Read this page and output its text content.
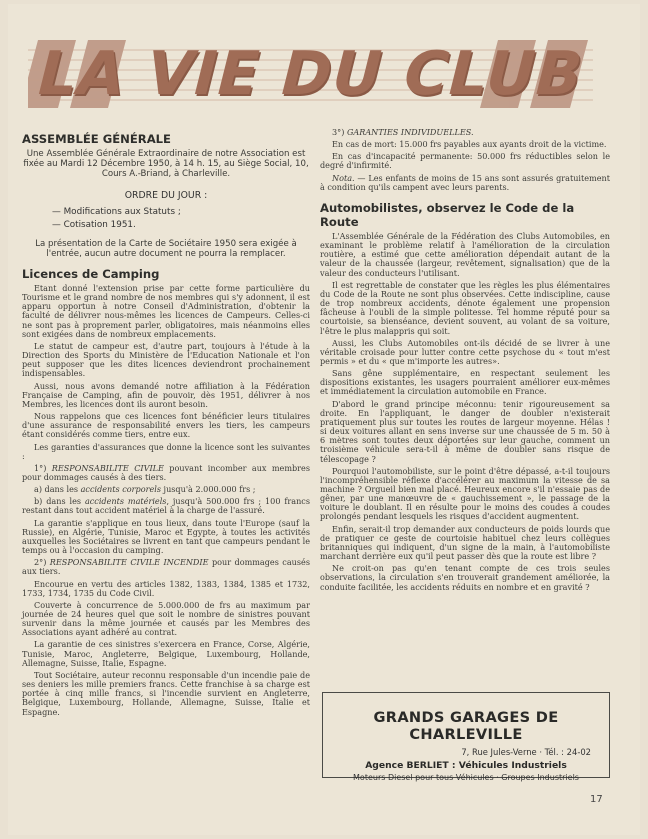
LA VIE DU CLUB
ASSEMBLÉE GÉNÉRALE
Une Assemblée Générale Extraordinaire de notre Association est fixée au Mardi 12 Décembre 1950, à 14 h. 15, au Siège Social, 10, Cours A.-Briand, à Charleville.
ORDRE DU JOUR :
— Modifications aux Statuts ;
— Cotisation 1951.
La présentation de la Carte de Sociétaire 1950 sera exigée à l'entrée, aucun autre document ne pourra la remplacer.
Licences de Camping

Etant donné l'extension prise par cette forme particulière du Tourisme et le grand nombre de nos membres qui s'y adonnent, il est apparu opportun à notre Conseil d'Administration, d'obtenir la faculté de délivrer nous-mêmes les licences de Campeurs. Celles-ci ne sont pas à proprement parler, obligatoires, mais néanmoins elles sont exigées dans de nombreux emplacements.

Le statut de campeur est, d'autre part, toujours à l'étude à la Direction des Sports du Ministère de l'Education Nationale et l'on peut supposer que les dites licences deviendront prochainement indispensables.

Aussi, nous avons demandé notre affiliation à la Fédération Française de Camping, afin de pouvoir, dès 1951, délivrer à nos Membres, les licences dont ils auront besoin.

Nous rappelons que ces licences font bénéficier leurs titulaires d'une assurance de responsabilité envers les tiers, les campeurs étant considérés comme tiers, entre eux.

Les garanties d'assurances que donne la licence sont les suivantes :

1°) RESPONSABILITE CIVILE pouvant incomber aux membres pour dommages causés à des tiers.

a) dans les accidents corporels jusqu'à 2.000.000 frs ;

b) dans les accidents matériels, jusqu'à 500.000 frs ; 100 francs restant dans tout accident matériel à la charge de l'assuré.

La garantie s'applique en tous lieux, dans toute l'Europe (sauf la Russie), en Algérie, Tunisie, Maroc et Egypte, à toutes les activités auxquelles les Sociétaires se livrent en tant que campeurs pendant le temps ou à l'occasion du camping.

2°) RESPONSABILITE CIVILE INCENDIE pour dommages causés aux tiers.

Encourue en vertu des articles 1382, 1383, 1384, 1385 et 1732, 1733, 1734, 1735 du Code Civil.

Couverte à concurrence de 5.000.000 de frs au maximum par journée de 24 heures quel que soit le nombre de sinistres pouvant survenir dans la même journée et causés par les Membres des Associations ayant adhéré au contrat.

La garantie de ces sinistres s'exercera en France, Corse, Algérie, Tunisie, Maroc, Angleterre, Belgique, Luxembourg, Hollande, Allemagne, Suisse, Italie, Espagne.

Tout Sociétaire, auteur reconnu responsable d'un incendie paie de ses deniers les mille premiers francs. Cette franchise à sa charge est portée à cinq mille francs, si l'incendie survient en Angleterre, Belgique, Luxembourg, Hollande, Allemagne, Suisse, Italie et Espagne.

3°) GARANTIES INDIVIDUELLES.

En cas de mort: 15.000 frs payables aux ayants droit de la victime.

En cas d'incapacité permanente: 50.000 frs réductibles selon le degré d'infirmité.

Nota. — Les enfants de moins de 15 ans sont assurés gratuitement à condition qu'ils campent avec leurs parents.

Automobilistes, observez le Code de la Route

L'Assemblée Générale de la Fédération des Clubs Automobiles, en examinant le problème relatif à l'amélioration de la circulation routière, a estimé que cette amélioration dépendait autant de la valeur de la chaussée (largeur, revêtement, signalisation) que de la valeur des conducteurs l'utilisant.

Il est regrettable de constater que les règles les plus élémentaires du Code de la Route ne sont plus observées. Cette indiscipline, cause de trop nombreux accidents, dénote également une propension fâcheuse à l'oubli de la simple politesse. Tel homme réputé pour sa courtoisie, sa bienséance, devient souvent, au volant de sa voiture, l'être le plus malappris qui soit.

Aussi, les Clubs Automobiles ont-ils décidé de se livrer à une véritable croisade pour lutter contre cette psychose du « tout m'est permis » et du « que m'importe les autres».

Sans gêne supplémentaire, en respectant seulement les dispositions existantes, les usagers pourraient améliorer eux-mêmes et immédiatement la circulation automobile en France.

D'abord le grand principe méconnu: tenir rigoureusement sa droite. En l'appliquant, le danger de doubler n'existerait pratiquement plus sur toutes les routes de largeur moyenne. Hélas ! si deux voitures allant en sens inverse sur une chaussée de 5 m. 50 à 6 mètres sont toutes deux déportées sur leur gauche, comment un troisième véhicule sera-t-il à même de doubler sans risque de télescopage ?

Pourquoi l'automobiliste, sur le point d'être dépassé, a-t-il toujours l'incompréhensible réflexe d'accélérer au maximum la vitesse de sa machine ? Orgueil bien mal placé. Heureux encore s'il n'essaie pas de gêner, par une manœuvre de « gauchissement », le passage de la voiture le doublant. Il en résulte pour le moins des coudes à coudes prolongés pendant lesquels les risques d'accident augmentent.

Enfin, serait-il trop demander aux conducteurs de poids lourds que de pratiquer ce geste de courtoisie habituel chez leurs collègues britanniques qui indiquent, d'un signe de la main, à l'automobiliste marchant derrière eux qu'il peut passer dès que la route est libre ?

Ne croit-on pas qu'en tenant compte de ces trois seules observations, la circulation s'en trouverait grandement améliorée, la conduite facilitée, les accidents réduits en nombre et en gravité ?

GRANDS GARAGES DE CHARLEVILLE
7, Rue Jules-Verne · Tél. : 24-02
Agence BERLIET : Véhicules Industriels
Moteurs Diesel pour tous Véhicules · Groupes Industriels
17
